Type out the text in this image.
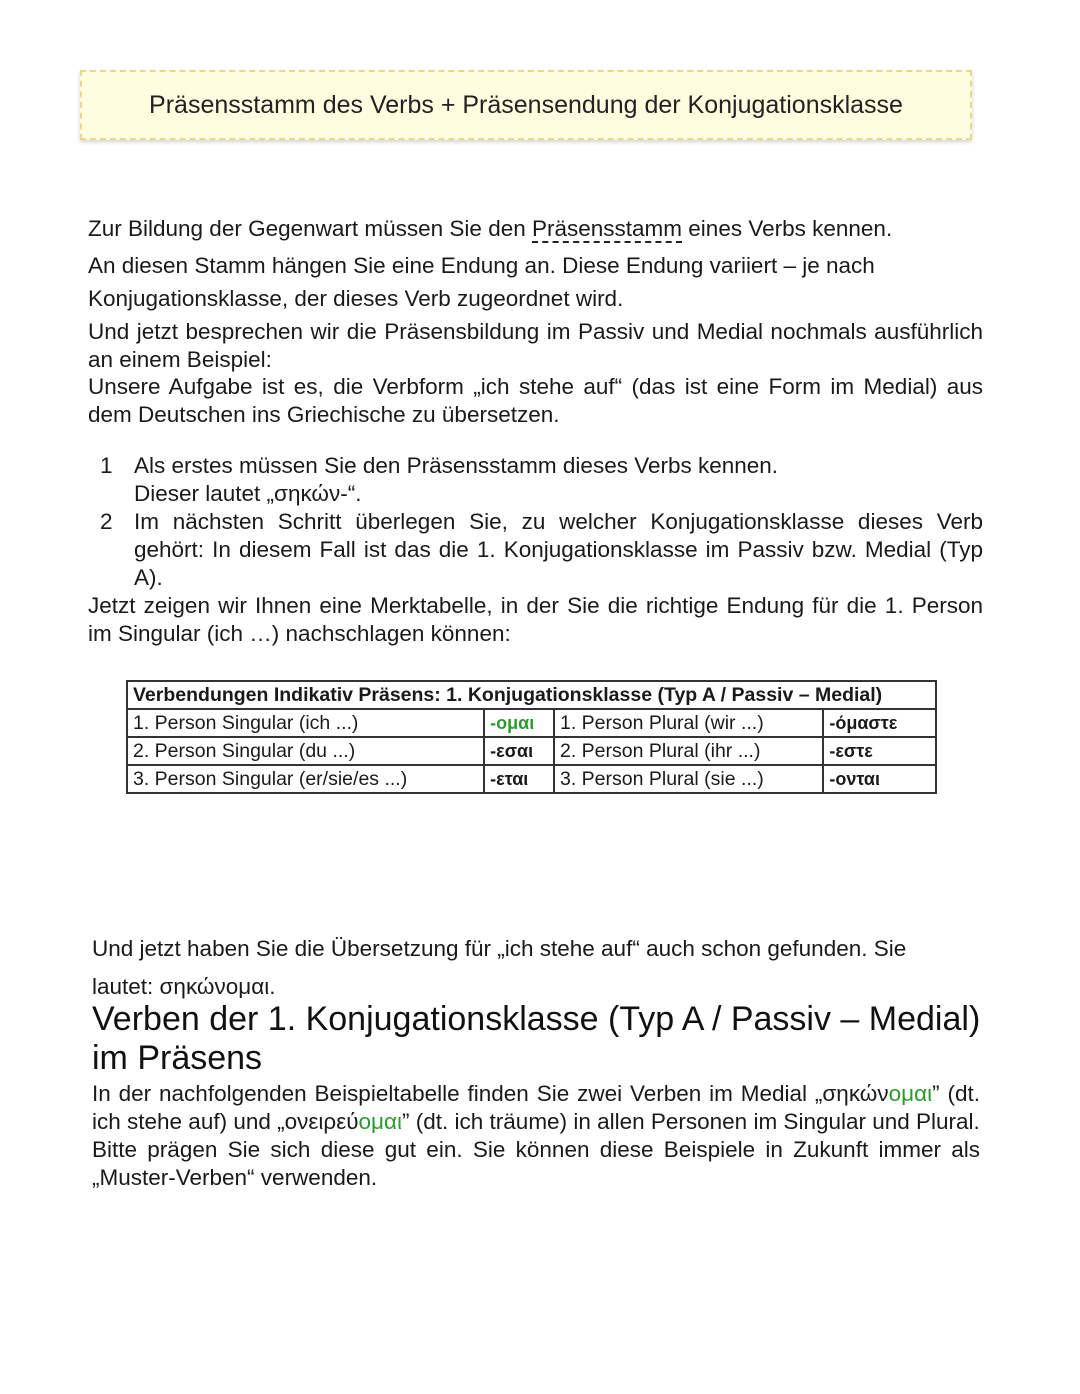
Präsensstamm des Verbs + Präsensendung der Konjugationsklasse

Zur Bildung der Gegenwart müssen Sie den Präsensstamm eines Verbs kennen.

An diesen Stamm hängen Sie eine Endung an. Diese Endung variiert – je nach

Konjugationsklasse, der dieses Verb zugeordnet wird.

Und jetzt besprechen wir die Präsensbildung im Passiv und Medial nochmals ausführlich an einem Beispiel:

Unsere Aufgabe ist es, die Verbform „ich stehe auf“ (das ist eine Form im Medial) aus dem Deutschen ins Griechische zu übersetzen.

1 Als erstes müssen Sie den Präsensstamm dieses Verbs kennen.
Dieser lautet „σηκών-“.
2 Im nächsten Schritt überlegen Sie, zu welcher Konjugationsklasse dieses Verb gehört: In diesem Fall ist das die 1. Konjugationsklasse im Passiv bzw. Medial (Typ A).

Jetzt zeigen wir Ihnen eine Merktabelle, in der Sie die richtige Endung für die 1. Person im Singular (ich …) nachschlagen können:

Verbendungen Indikativ Präsens: 1. Konjugationsklasse (Typ A / Passiv – Medial)			
1. Person Singular (ich ...)	-ομαι	1. Person Plural (wir ...)	-όμαστε
2. Person Singular (du ...)	-εσαι	2. Person Plural (ihr ...)	-εστε
3. Person Singular (er/sie/es ...)	-εται	3. Person Plural (sie ...)	-ονται

Und jetzt haben Sie die Übersetzung für „ich stehe auf“ auch schon gefunden. Sie

lautet: σηκώνομαι.

Verben der 1. Konjugationsklasse (Typ A / Passiv – Medial) im Präsens

In der nachfolgenden Beispieltabelle finden Sie zwei Verben im Medial „σηκώνομαι” (dt. ich stehe auf) und „ονειρεύομαι” (dt. ich träume) in allen Personen im Singular und Plural.

Bitte prägen Sie sich diese gut ein. Sie können diese Beispiele in Zukunft immer als „Muster-Verben“ verwenden.
